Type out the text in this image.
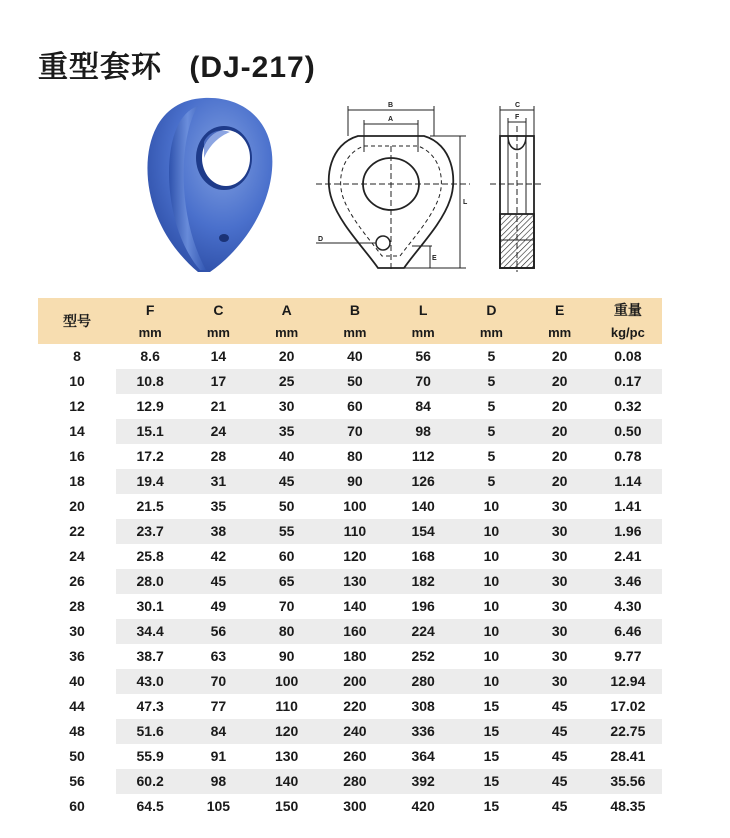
重型套环 (DJ-217)
B
A
L
D
E
C
F
型号	F	C	A	B	L	D	E	重量
	mm	mm	mm	mm	mm	mm	mm	kg/pc
8	8.6	14	20	40	56	5	20	0.08
10	10.8	17	25	50	70	5	20	0.17
12	12.9	21	30	60	84	5	20	0.32
14	15.1	24	35	70	98	5	20	0.50
16	17.2	28	40	80	112	5	20	0.78
18	19.4	31	45	90	126	5	20	1.14
20	21.5	35	50	100	140	10	30	1.41
22	23.7	38	55	110	154	10	30	1.96
24	25.8	42	60	120	168	10	30	2.41
26	28.0	45	65	130	182	10	30	3.46
28	30.1	49	70	140	196	10	30	4.30
30	34.4	56	80	160	224	10	30	6.46
36	38.7	63	90	180	252	10	30	9.77
40	43.0	70	100	200	280	10	30	12.94
44	47.3	77	110	220	308	15	45	17.02
48	51.6	84	120	240	336	15	45	22.75
50	55.9	91	130	260	364	15	45	28.41
56	60.2	98	140	280	392	15	45	35.56
60	64.5	105	150	300	420	15	45	48.35
